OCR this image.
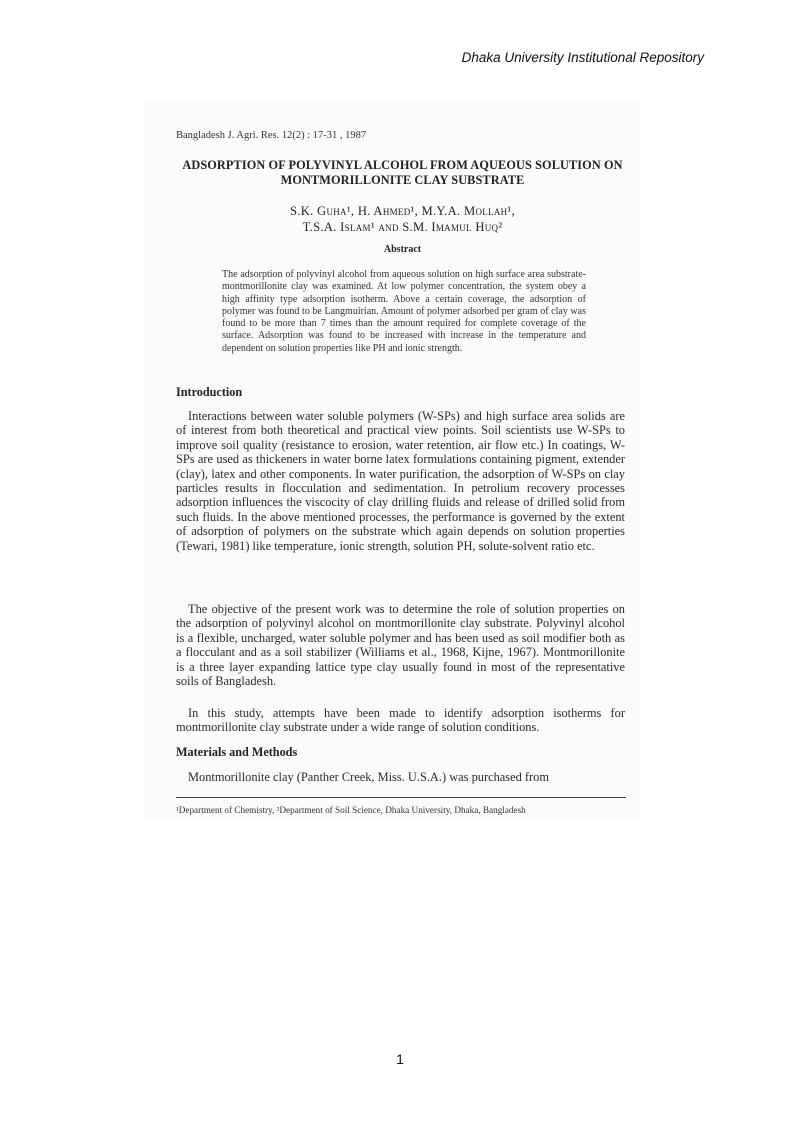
Dhaka University Institutional Repository
Bangladesh J. Agri. Res. 12(2) : 17-31 , 1987
ADSORPTION OF POLYVINYL ALCOHOL FROM AQUEOUS SOLUTION ON MONTMORILLONITE CLAY SUBSTRATE
S.K. Guha¹, H. Ahmed¹, M.Y.A. Mollah¹,
T.S.A. Islam¹ and S.M. Imamul Huq²
Abstract
The adsorption of polyvinyl alcohol from aqueous solution on high surface area substrate-montmorillonite clay was examined. At low polymer concentration, the system obey a high affinity type adsorption isotherm. Above a certain coverage, the adsorption of polymer was found to be Langmuirian. Amount of polymer adsorbed per gram of clay was found to be more than 7 times than the amount required for complete coverage of the surface. Adsorption was found to be increased with increase in the temperature and dependent on solution properties like PH and ionic strength.
Introduction
Interactions between water soluble polymers (W-SPs) and high surface area solids are of interest from both theoretical and practical view points. Soil scientists use W-SPs to improve soil quality (resistance to erosion, water retention, air flow etc.) In coatings, W-SPs are used as thickeners in water borne latex formulations containing pigment, extender (clay), latex and other components. In water purification, the adsorption of W-SPs on clay particles results in flocculation and sedimentation. In petrolium recovery processes adsorption influences the viscocity of clay drilling fluids and release of drilled solid from such fluids. In the above mentioned processes, the performance is governed by the extent of adsorption of polymers on the substrate which again depends on solution properties (Tewari, 1981) like temperature, ionic strength, solution PH, solute-solvent ratio etc.
The objective of the present work was to determine the role of solution properties on the adsorption of polyvinyl alcohol on montmorillonite clay substrate. Polyvinyl alcohol is a flexible, uncharged, water soluble polymer and has been used as soil modifier both as a flocculant and as a soil stabilizer (Williams et al., 1968, Kijne, 1967). Montmorillonite is a three layer expanding lattice type clay usually found in most of the representative soils of Bangladesh.
In this study, attempts have been made to identify adsorption isotherms for montmorillonite clay substrate under a wide range of solution conditions.
Materials and Methods
Montmorillonite clay (Panther Creek, Miss. U.S.A.) was purchased from
¹Department of Chemistry, ²Department of Soil Science, Dhaka University, Dhaka, Bangladesh
1
